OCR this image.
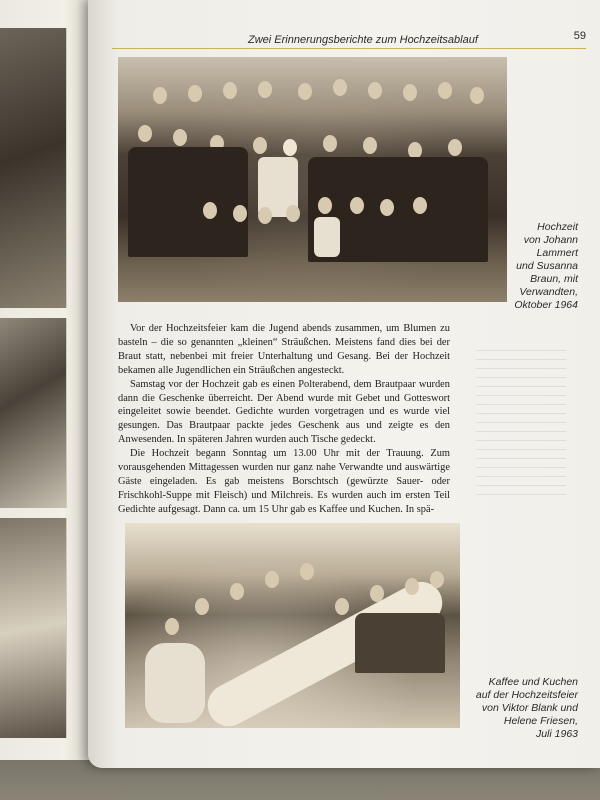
Zwei Erinnerungsberichte zum Hochzeitsablauf	59
Hochzeit
von Johann
Lammert
und Susanna
Braun, mit
Verwandten,
Oktober 1964

Vor der Hochzeitsfeier kam die Jugend abends zusammen, um Blumen zu basteln – die so genannten „kleinen“ Sträußchen. Meistens fand dies bei der Braut statt, nebenbei mit freier Unterhaltung und Gesang. Bei der Hochzeit bekamen alle Jugendlichen ein Sträußchen angesteckt.

Samstag vor der Hochzeit gab es einen Polterabend, dem Brautpaar wurden dann die Geschenke überreicht. Der Abend wurde mit Gebet und Gotteswort eingeleitet sowie beendet. Gedichte wurden vorgetragen und es wurde viel gesungen. Das Brautpaar packte jedes Geschenk aus und zeigte es den Anwesenden. In späteren Jahren wurden auch Tische gedeckt.

Die Hochzeit begann Sonntag um 13.00 Uhr mit der Trauung. Zum vorausgehenden Mittagessen wurden nur ganz nahe Verwandte und auswärtige Gäste eingeladen. Es gab meistens Borschtsch (gewürzte Sauer- oder Frischkohl-Suppe mit Fleisch) und Milchreis. Es wurden auch im ersten Teil Gedichte aufgesagt. Dann ca. um 15 Uhr gab es Kaffee und Kuchen. In spä-

Kaffee und Kuchen
auf der Hochzeitsfeier
von Viktor Blank und
Helene Friesen,
Juli 1963
